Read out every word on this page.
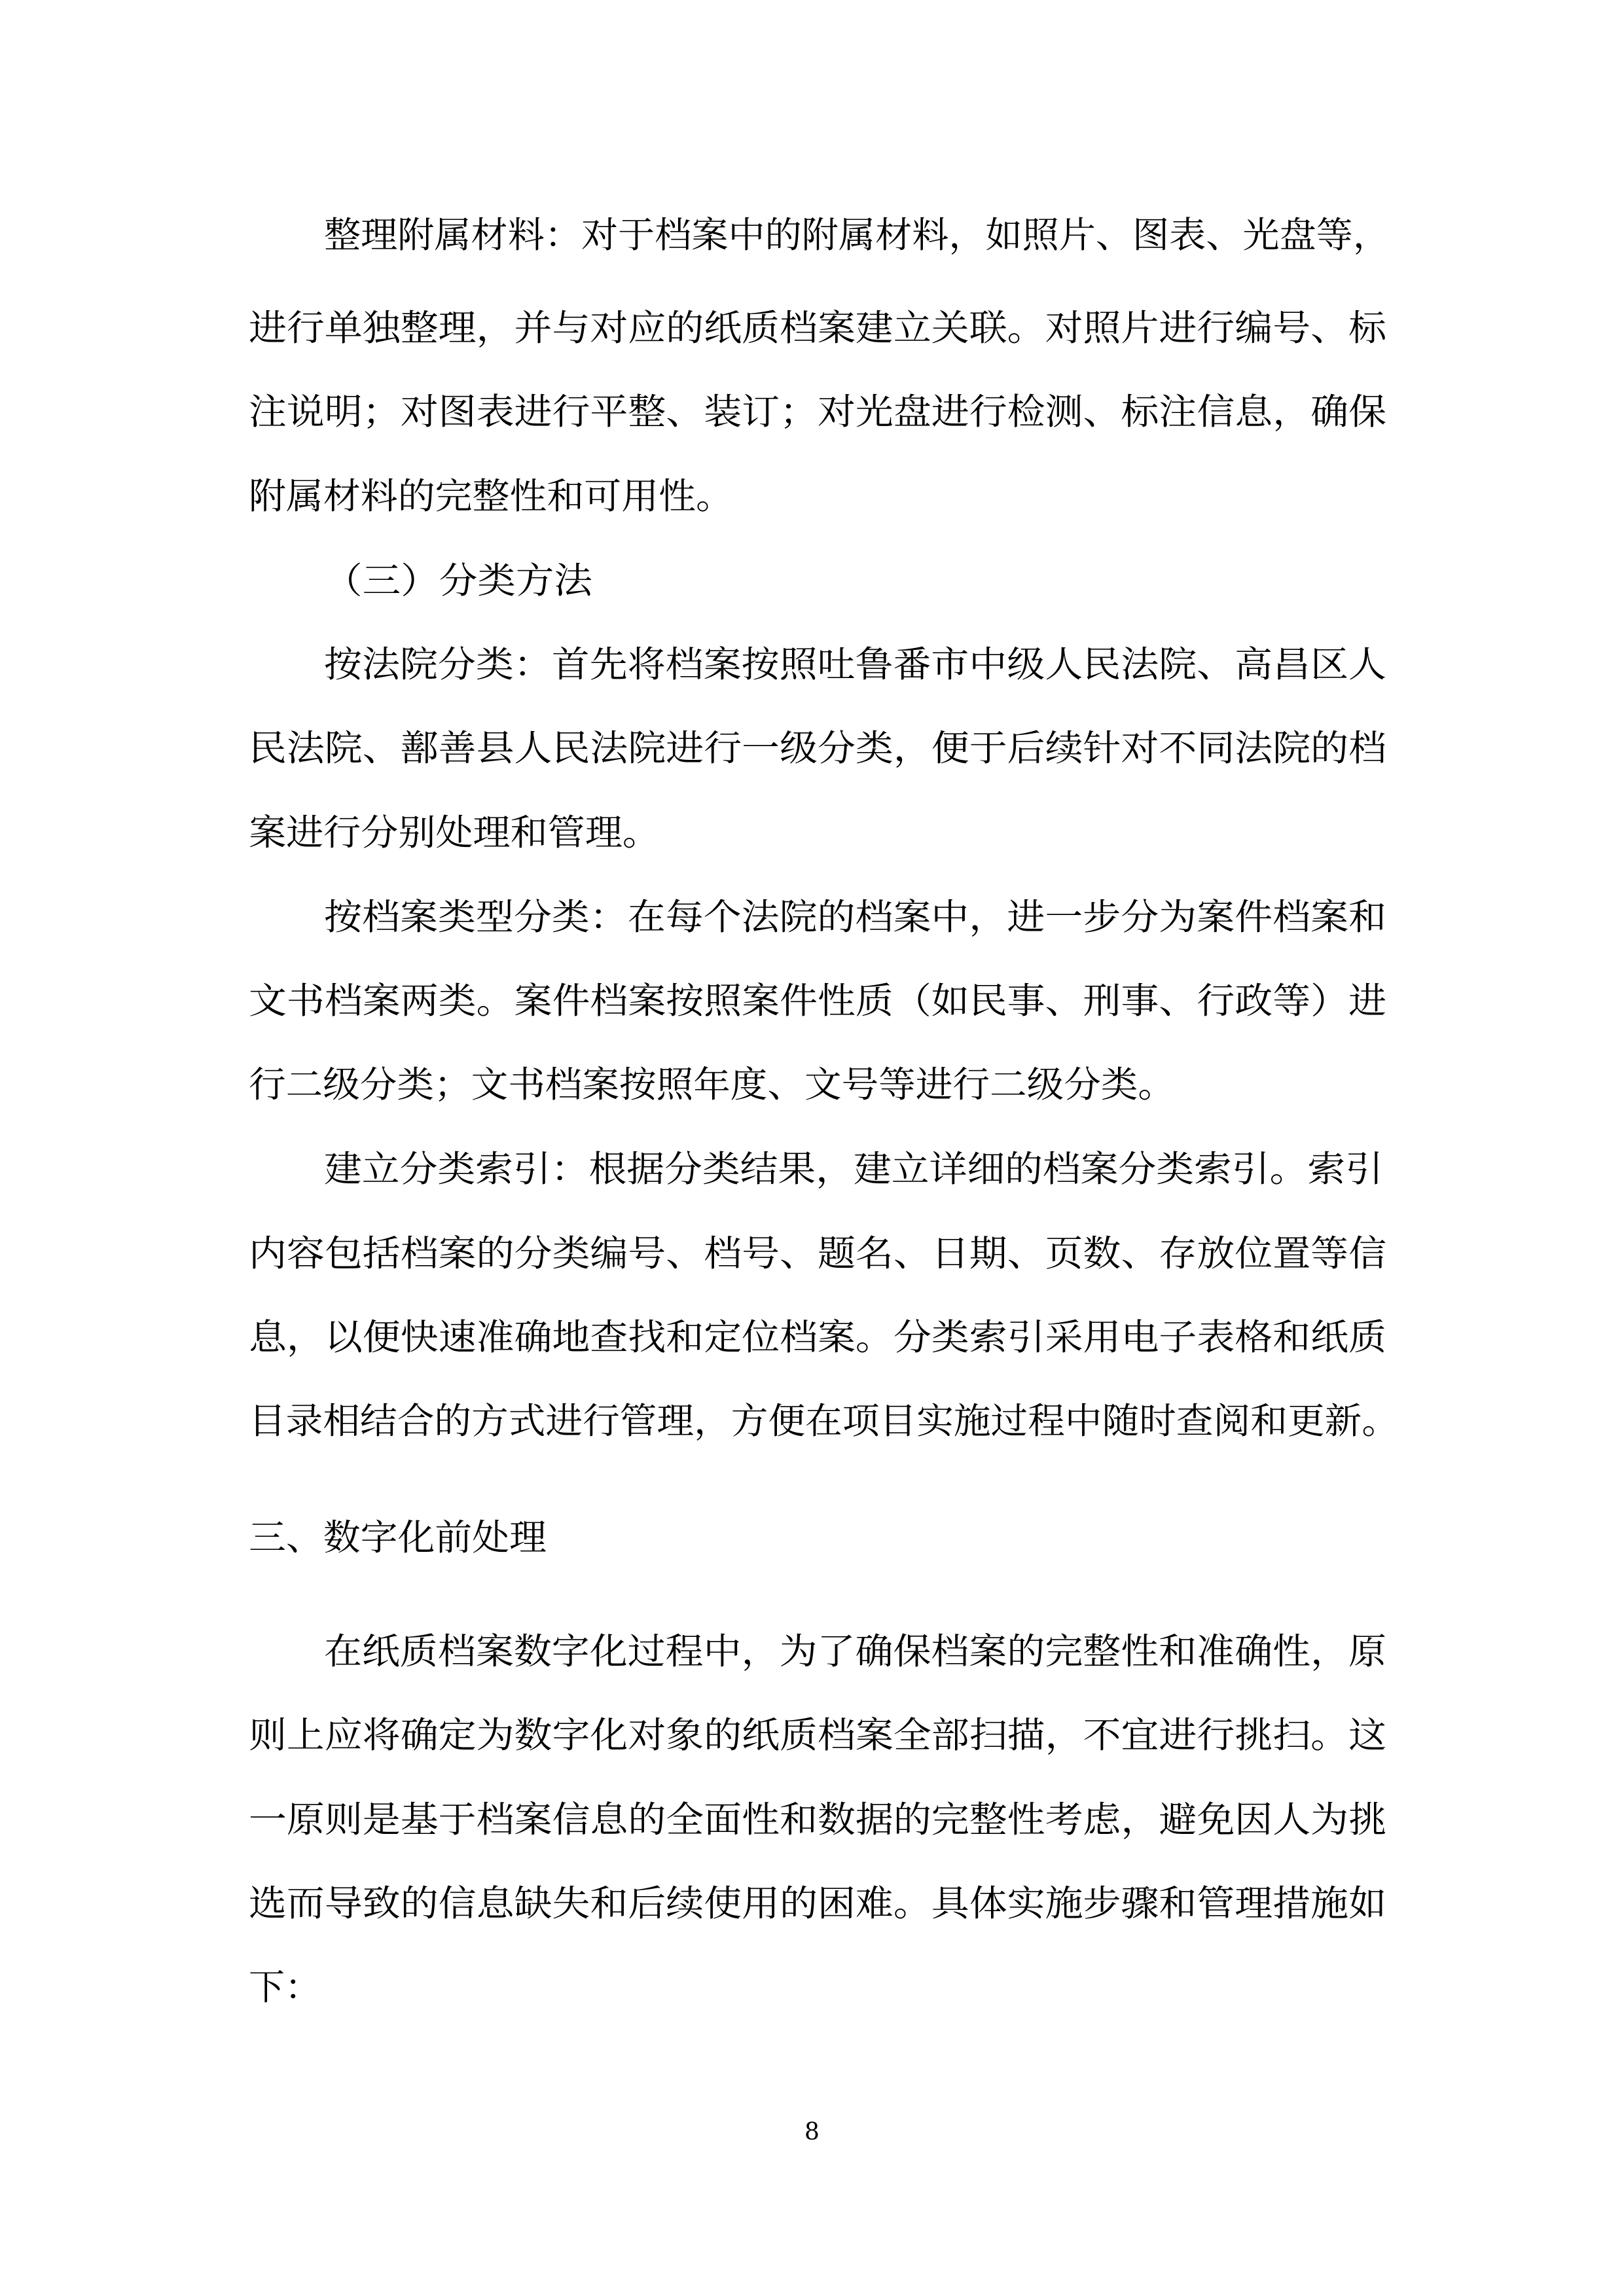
整理附属材料：对于档案中的附属材料，如照片、图表、光盘等，

进行单独整理，并与对应的纸质档案建立关联。对照片进行编号、标

注说明；对图表进行平整、装订；对光盘进行检测、标注信息，确保

附属材料的完整性和可用性。

（三）分类方法

按法院分类：首先将档案按照吐鲁番市中级人民法院、高昌区人

民法院、鄯善县人民法院进行一级分类，便于后续针对不同法院的档

案进行分别处理和管理。

按档案类型分类：在每个法院的档案中，进一步分为案件档案和

文书档案两类。案件档案按照案件性质（如民事、刑事、行政等）进

行二级分类；文书档案按照年度、文号等进行二级分类。

建立分类索引：根据分类结果，建立详细的档案分类索引。索引

内容包括档案的分类编号、档号、题名、日期、页数、存放位置等信

息，以便快速准确地查找和定位档案。分类索引采用电子表格和纸质

目录相结合的方式进行管理，方便在项目实施过程中随时查阅和更新。

三、数字化前处理

在纸质档案数字化过程中，为了确保档案的完整性和准确性，原

则上应将确定为数字化对象的纸质档案全部扫描，不宜进行挑扫。这

一原则是基于档案信息的全面性和数据的完整性考虑，避免因人为挑

选而导致的信息缺失和后续使用的困难。具体实施步骤和管理措施如

下：

8
